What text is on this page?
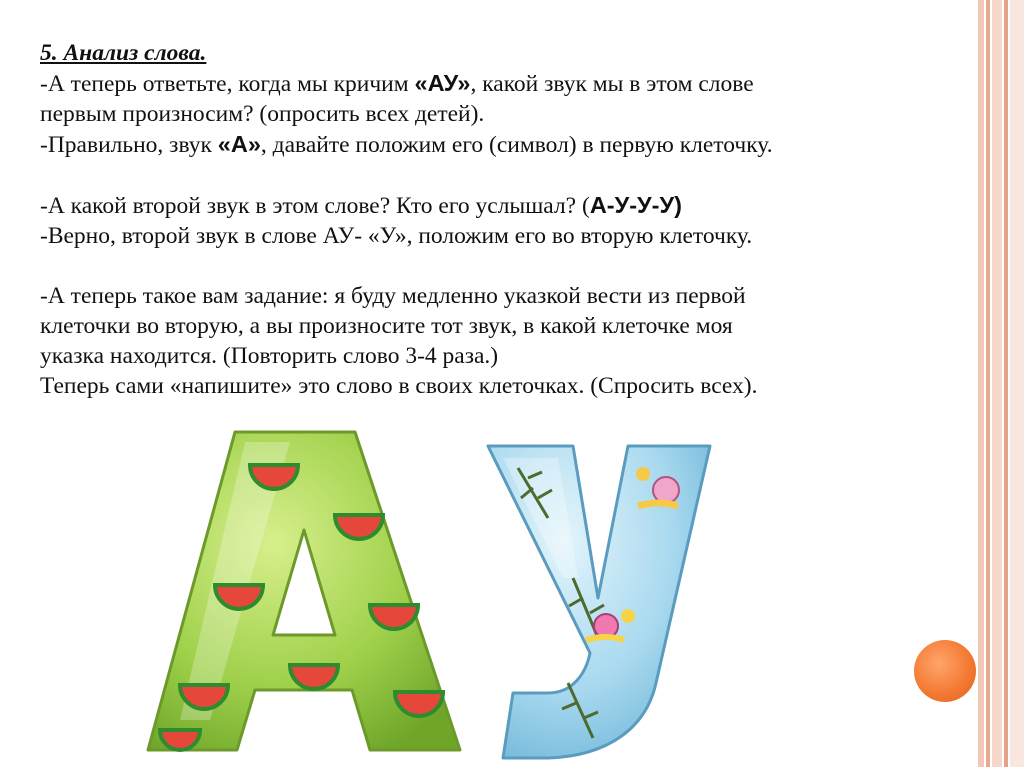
5. Анализ слова.

-А теперь ответьте, когда мы кричим «АУ», какой звук мы в этом слове

первым произносим? (опросить всех детей).

-Правильно, звук «А», давайте положим его (символ) в первую клеточку.

-А какой второй звук в этом слове? Кто его услышал? (А-У-У-У)

-Верно, второй звук в слове АУ- «У», положим его во вторую клеточку.

-А теперь такое вам задание: я буду медленно указкой вести из первой

клеточки во вторую, а вы произносите тот звук, в какой клеточке моя

указка находится. (Повторить слово 3-4 раза.)

Теперь сами «напишите» это слово в своих клеточках. (Спросить всех).
